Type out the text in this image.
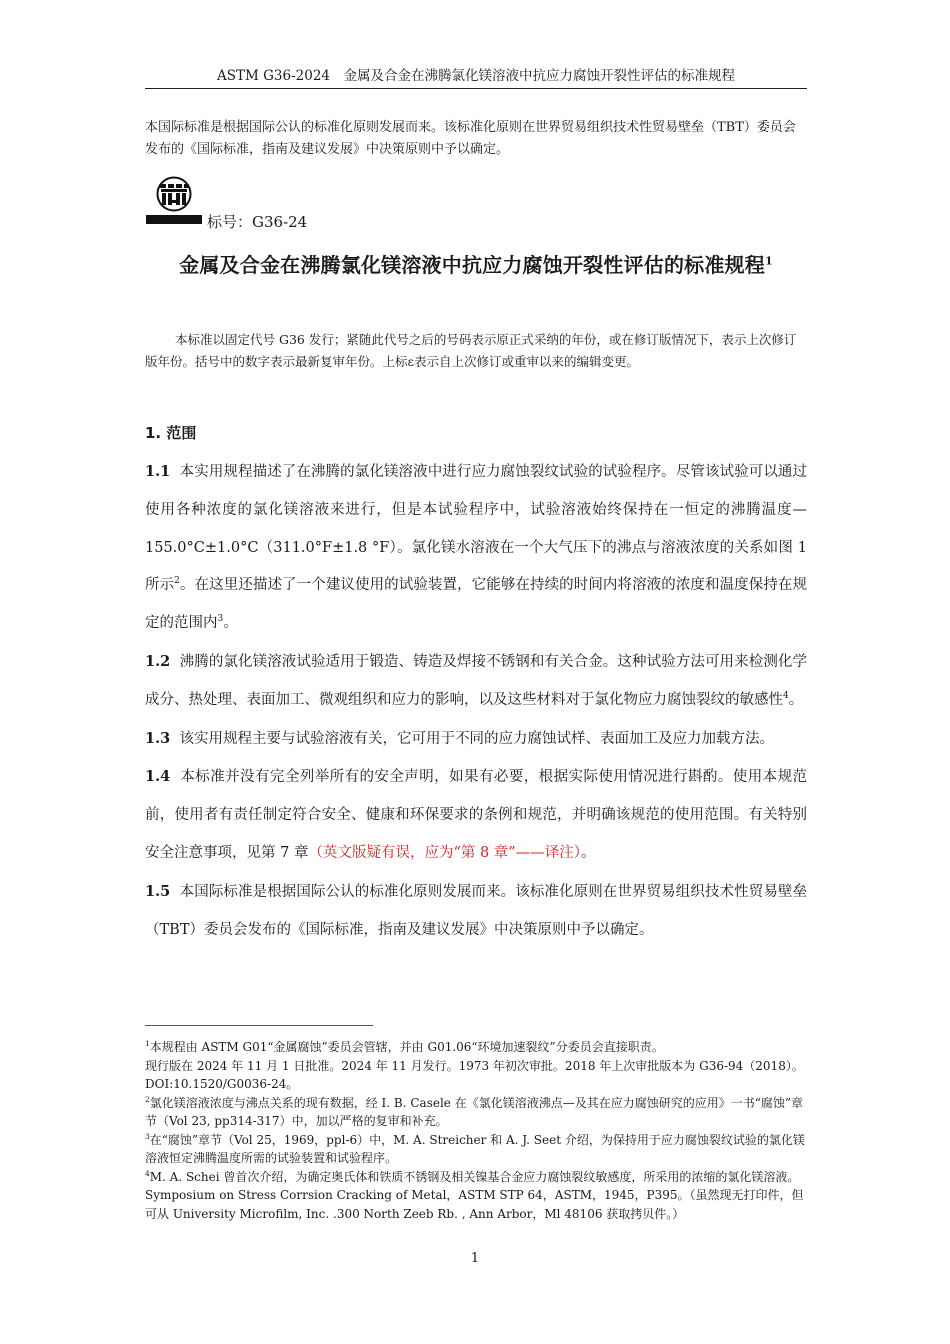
ASTM G36-2024　金属及合金在沸腾氯化镁溶液中抗应力腐蚀开裂性评估的标准规程

本国际标准是根据国际公认的标准化原则发展而来。该标准化原则在世界贸易组织技术性贸易壁垒（TBT）委员会发布的《国际标准，指南及建议发展》中决策原则中予以确定。

标号：G36-24
金属及合金在沸腾氯化镁溶液中抗应力腐蚀开裂性评估的标准规程$^1$

本标准以固定代号 G36 发行；紧随此代号之后的号码表示原正式采纳的年份，或在修订版情况下，表示上次修订版年份。括号中的数字表示最新复审年份。上标ε表示自上次修订或重审以来的编辑变更。

1. 范围

1.1 本实用规程描述了在沸腾的氯化镁溶液中进行应力腐蚀裂纹试验的试验程序。尽管该试验可以通过使用各种浓度的氯化镁溶液来进行，但是本试验程序中，试验溶液始终保持在一恒定的沸腾温度—155.0°C±1.0°C（311.0°F±1.8 °F）。氯化镁水溶液在一个大气压下的沸点与溶液浓度的关系如图 1 所示$^2$。在这里还描述了一个建议使用的试验装置，它能够在持续的时间内将溶液的浓度和温度保持在规定的范围内$^3$。

1.2 沸腾的氯化镁溶液试验适用于锻造、铸造及焊接不锈钢和有关合金。这种试验方法可用来检测化学成分、热处理、表面加工、微观组织和应力的影响，以及这些材料对于氯化物应力腐蚀裂纹的敏感性$^4$。

1.3 该实用规程主要与试验溶液有关，它可用于不同的应力腐蚀试样、表面加工及应力加载方法。

1.4 本标准并没有完全列举所有的安全声明，如果有必要，根据实际使用情况进行斟酌。使用本规范前，使用者有责任制定符合安全、健康和环保要求的条例和规范，并明确该规范的使用范围。有关特别安全注意事项，见第 7 章（英文版疑有误，应为“第 8 章”——译注）。

1.5 本国际标准是根据国际公认的标准化原则发展而来。该标准化原则在世界贸易组织技术性贸易壁垒（TBT）委员会发布的《国际标准，指南及建议发展》中决策原则中予以确定。

$^1$本规程由 ASTM G01“金属腐蚀”委员会管辖，并由 G01.06“环境加速裂纹”分委员会直接职责。

现行版在 2024 年 11 月 1 日批准。2024 年 11 月发行。1973 年初次审批。2018 年上次审批版本为 G36-94（2018）。DOI:10.1520/G0036-24。

$^2$氯化镁溶液浓度与沸点关系的现有数据，经 I. B. Casele 在《氯化镁溶液沸点—及其在应力腐蚀研究的应用》一书“腐蚀”章节（Vol 23, pp314-317）中，加以严格的复审和补充。

$^3$在“腐蚀”章节（Vol 25，1969，ppl-6）中，M. A. Streicher 和 A. J. Seet 介绍，为保持用于应力腐蚀裂纹试验的氯化镁溶液恒定沸腾温度所需的试验装置和试验程序。

$^4$M. A. Schei 曾首次介绍，为确定奥氏体和铁质不锈钢及相关镍基合金应力腐蚀裂纹敏感度，所采用的浓缩的氯化镁溶液。Symposium on Stress Corrsion Cracking of Metal，ASTM STP 64，ASTM，1945，P395。（虽然现无打印件，但可从 University Microfilm, Inc. .300 North Zeeb Rb. , Ann Arbor，Ml 48106 获取拷贝件。）

1
